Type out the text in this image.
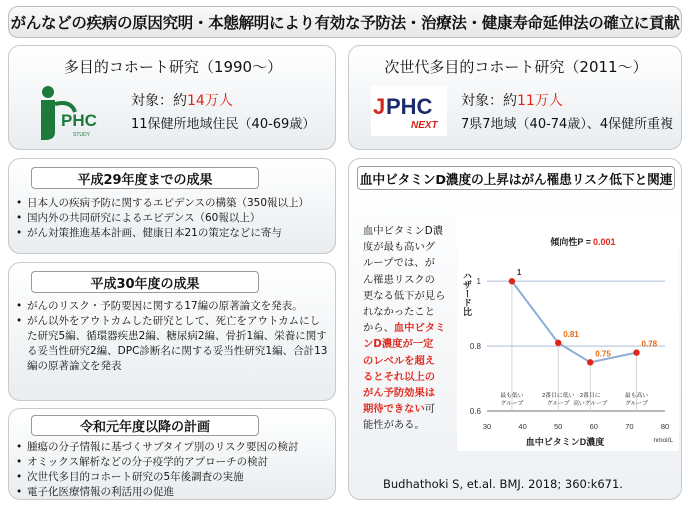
がんなどの疾病の原因究明・本態解明により有効な予防法・治療法・健康寿命延伸法の確立に貢献
多目的コホート研究（1990〜）
PHC
STUDY
対象：約14万人
11保健所地域住民（40-69歳）
次世代多目的コホート研究（2011〜）
J PHC
NEXT
対象：約11万人
7県7地域（40-74歳）、4保健所重複
平成29年度までの成果
• 日本人の疾病予防に関するエビデンスの構築（350報以上）
• 国内外の共同研究によるエビデンス（60報以上）
• がん対策推進基本計画、健康日本21の策定などに寄与
平成30年度の成果
• がんのリスク・予防要因に関する17編の原著論文を発表。
• がん以外をアウトカムした研究として、死亡をアウトカムにした研究5編、循環器疾患2編、糖尿病2編、骨折1編、栄養に関する妥当性研究2編、DPC診断名に関する妥当性研究1編、合計13編の原著論文を発表
令和元年度以降の計画
• 腫瘍の分子情報に基づくサブタイプ別のリスク要因の検討
• オミックス解析などの分子疫学的アプローチの検討
• 次世代多目的コホート研究の5年後調査の実施
• 電子化医療情報の利活用の促進
血中ビタミンD濃度の上昇はがん罹患リスク低下と関連
血中ビタミンD濃
度が最も高いグ
ループでは、が
ん罹患リスクの
更なる低下が見ら
れなかったこと
から、血中ビタミ
ンD濃度が一定
のレベルを超え
るとそれ以上の
がん予防効果は
期待できない可
能性がある。
1
0.8
0.6
30	40	50	60	70	80
1
最も低い
グループ
0.81
2番目に低い
グループ
0.75
2番目に
高いグループ
0.78
最も高い
グループ
ハザード比
血中ビタミンD濃度	nmol/L
傾向性P = 0.001
Budhathoki S, et.al. BMJ. 2018; 360:k671.
